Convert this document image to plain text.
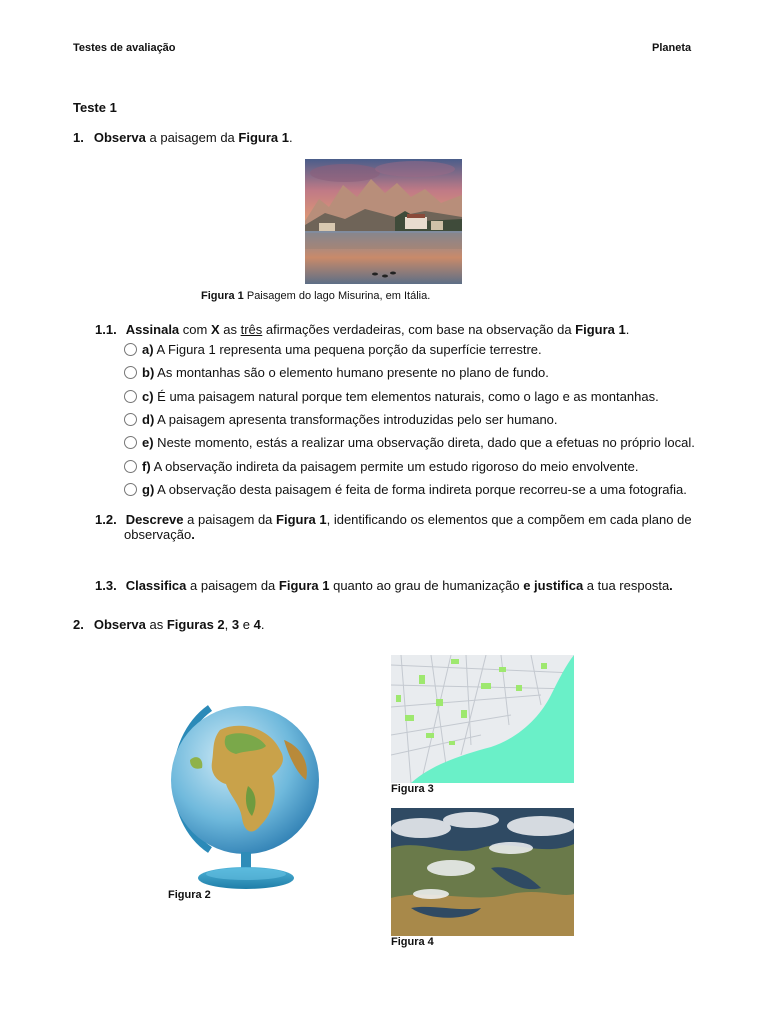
Testes de avaliação	Planeta
Teste 1
1. Observa a paisagem da Figura 1.
Figura 1 Paisagem do lago Misurina, em Itália.
1.1. Assinala com X as três afirmações verdadeiras, com base na observação da Figura 1.
a) A Figura 1 representa uma pequena porção da superfície terrestre.
b) As montanhas são o elemento humano presente no plano de fundo.
c) É uma paisagem natural porque tem elementos naturais, como o lago e as montanhas.
d) A paisagem apresenta transformações introduzidas pelo ser humano.
e) Neste momento, estás a realizar uma observação direta, dado que a efetuas no próprio local.
f) A observação indireta da paisagem permite um estudo rigoroso do meio envolvente.
g) A observação desta paisagem é feita de forma indireta porque recorreu-se a uma fotografia.
1.2. Descreve a paisagem da Figura 1, identificando os elementos que a compõem em cada plano de
observação.
1.3. Classifica a paisagem da Figura 1 quanto ao grau de humanização e justifica a tua resposta.
2. Observa as Figuras 2, 3 e 4.
Figura 2
Figura 3
Figura 4
